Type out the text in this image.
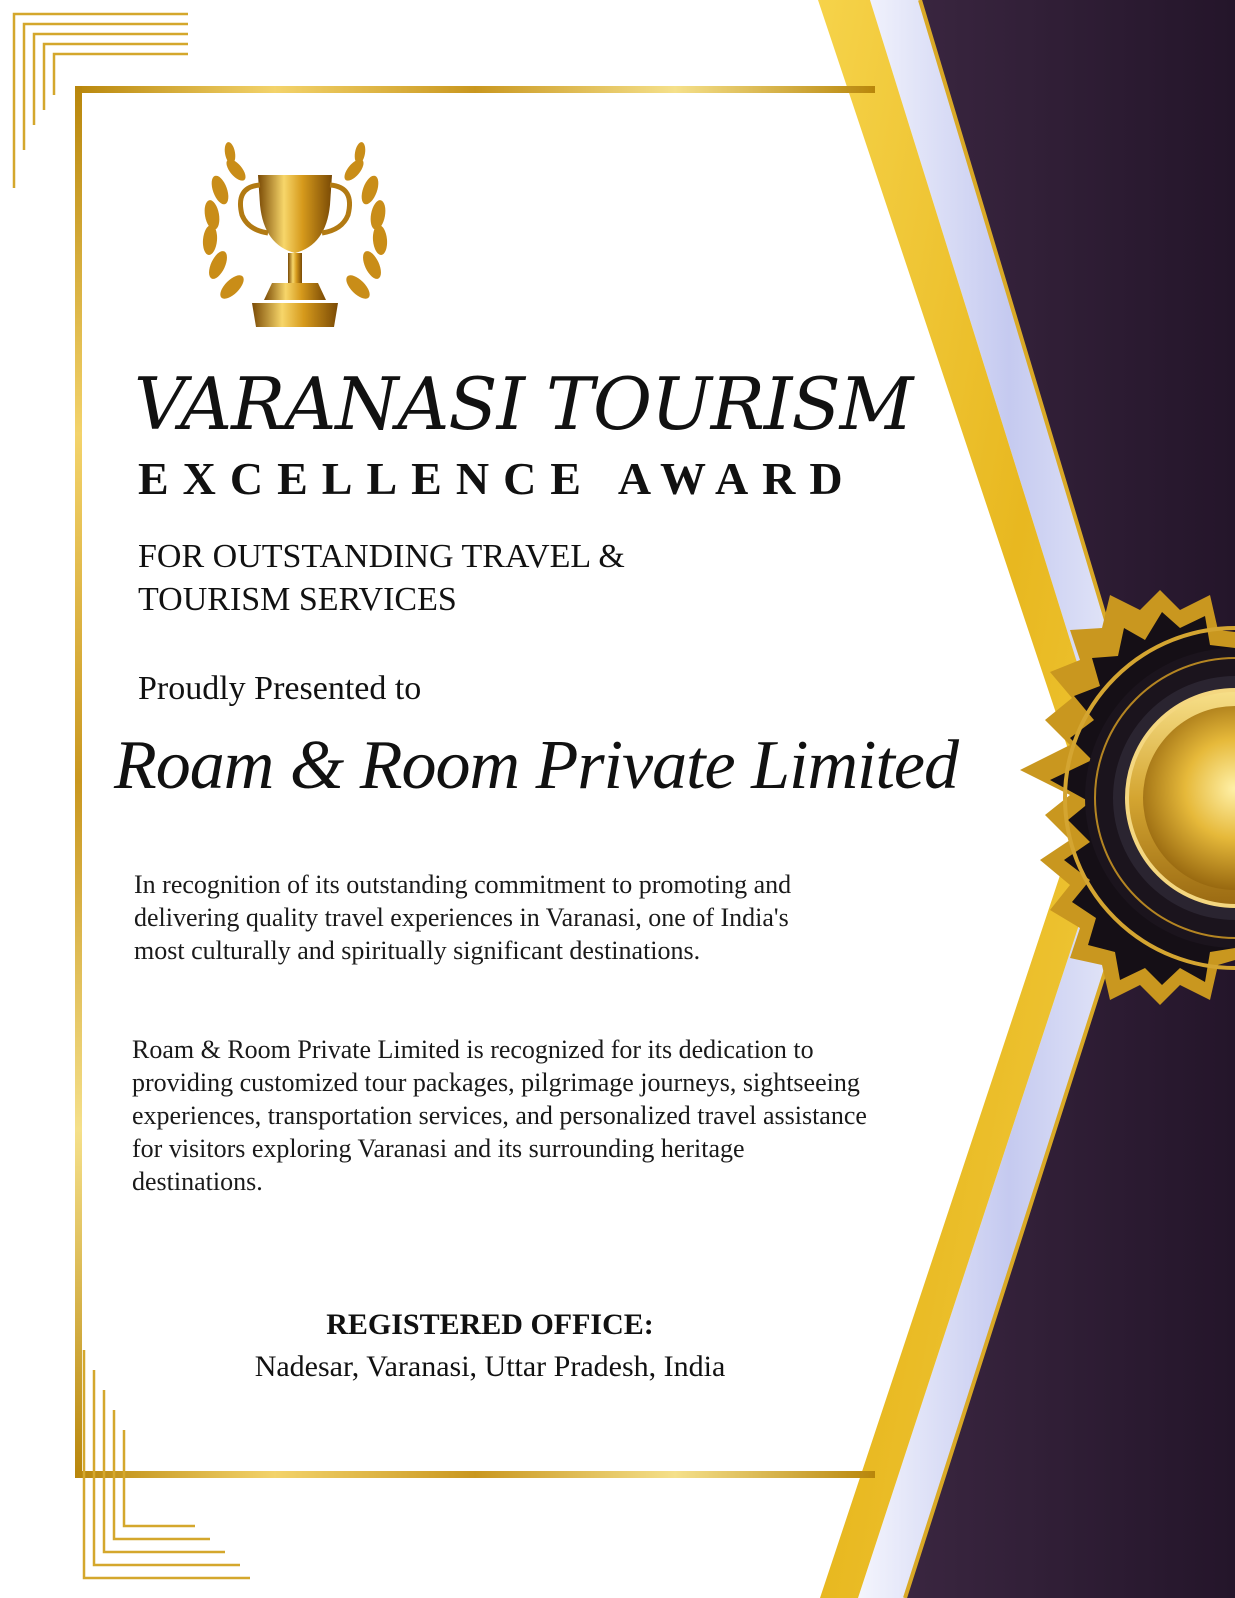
VARANASI TOURISM
EXCELLENCE AWARD
FOR OUTSTANDING TRAVEL & TOURISM SERVICES
Proudly Presented to
Roam & Room Private Limited
In recognition of its outstanding commitment to promoting and delivering quality travel experiences in Varanasi, one of India's most culturally and spiritually significant destinations.
Roam & Room Private Limited is recognized for its dedication to providing customized tour packages, pilgrimage journeys, sightseeing experiences, transportation services, and personalized travel assistance for visitors exploring Varanasi and its surrounding heritage destinations.
REGISTERED OFFICE:
Nadesar, Varanasi, Uttar Pradesh, India
